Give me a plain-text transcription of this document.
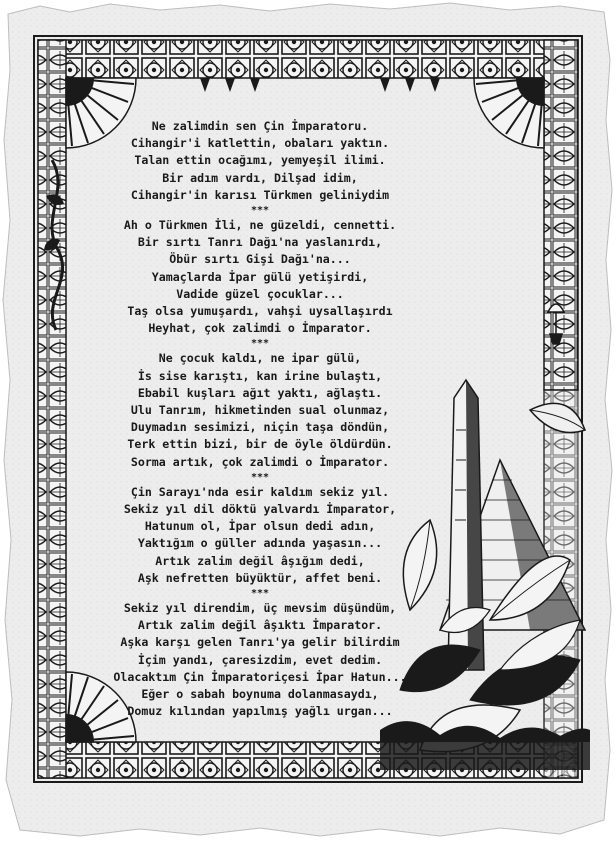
Ne zalimdin sen Çin İmparatoru.
Cihangir'i katlettin, obaları yaktın.
Talan ettin ocağımı, yemyeşil ilimi.
Bir adım vardı, Dilşad idim,
Cihangir'in karısı Türkmen geliniydim
***
Ah o Türkmen İli, ne güzeldi, cennetti.
Bir sırtı Tanrı Dağı'na yaslanırdı,
Öbür sırtı Gişi Dağı'na...
Yamaçlarda İpar gülü yetişirdi,
Vadide güzel çocuklar...
Taş olsa yumuşardı, vahşi uysallaşırdı
Heyhat, çok zalimdi o İmparator.
***
Ne çocuk kaldı, ne ipar gülü,
İs sise karıştı, kan irine bulaştı,
Ebabil kuşları ağıt yaktı, ağlaştı.
Ulu Tanrım, hikmetinden sual olunmaz,
Duymadın sesimizi, niçin taşa döndün,
Terk ettin bizi, bir de öyle öldürdün.
Sorma artık, çok zalimdi o İmparator.
***
Çin Sarayı'nda esir kaldım sekiz yıl.
Sekiz yıl dil döktü yalvardı İmparator,
Hatunum ol, İpar olsun dedi adın,
Yaktığım o güller adında yaşasın...
Artık zalim değil âşığım dedi,
Aşk nefretten büyüktür, affet beni.
***
Sekiz yıl direndim, üç mevsim düşündüm,
Artık zalim değil âşıktı İmparator.
Aşka karşı gelen Tanrı'ya gelir bilirdim
İçim yandı, çaresizdim, evet dedim.
Olacaktım Çin İmparatoriçesi İpar Hatun...
Eğer o sabah boynuma dolanmasaydı,
Domuz kılından yapılmış yağlı urgan...
